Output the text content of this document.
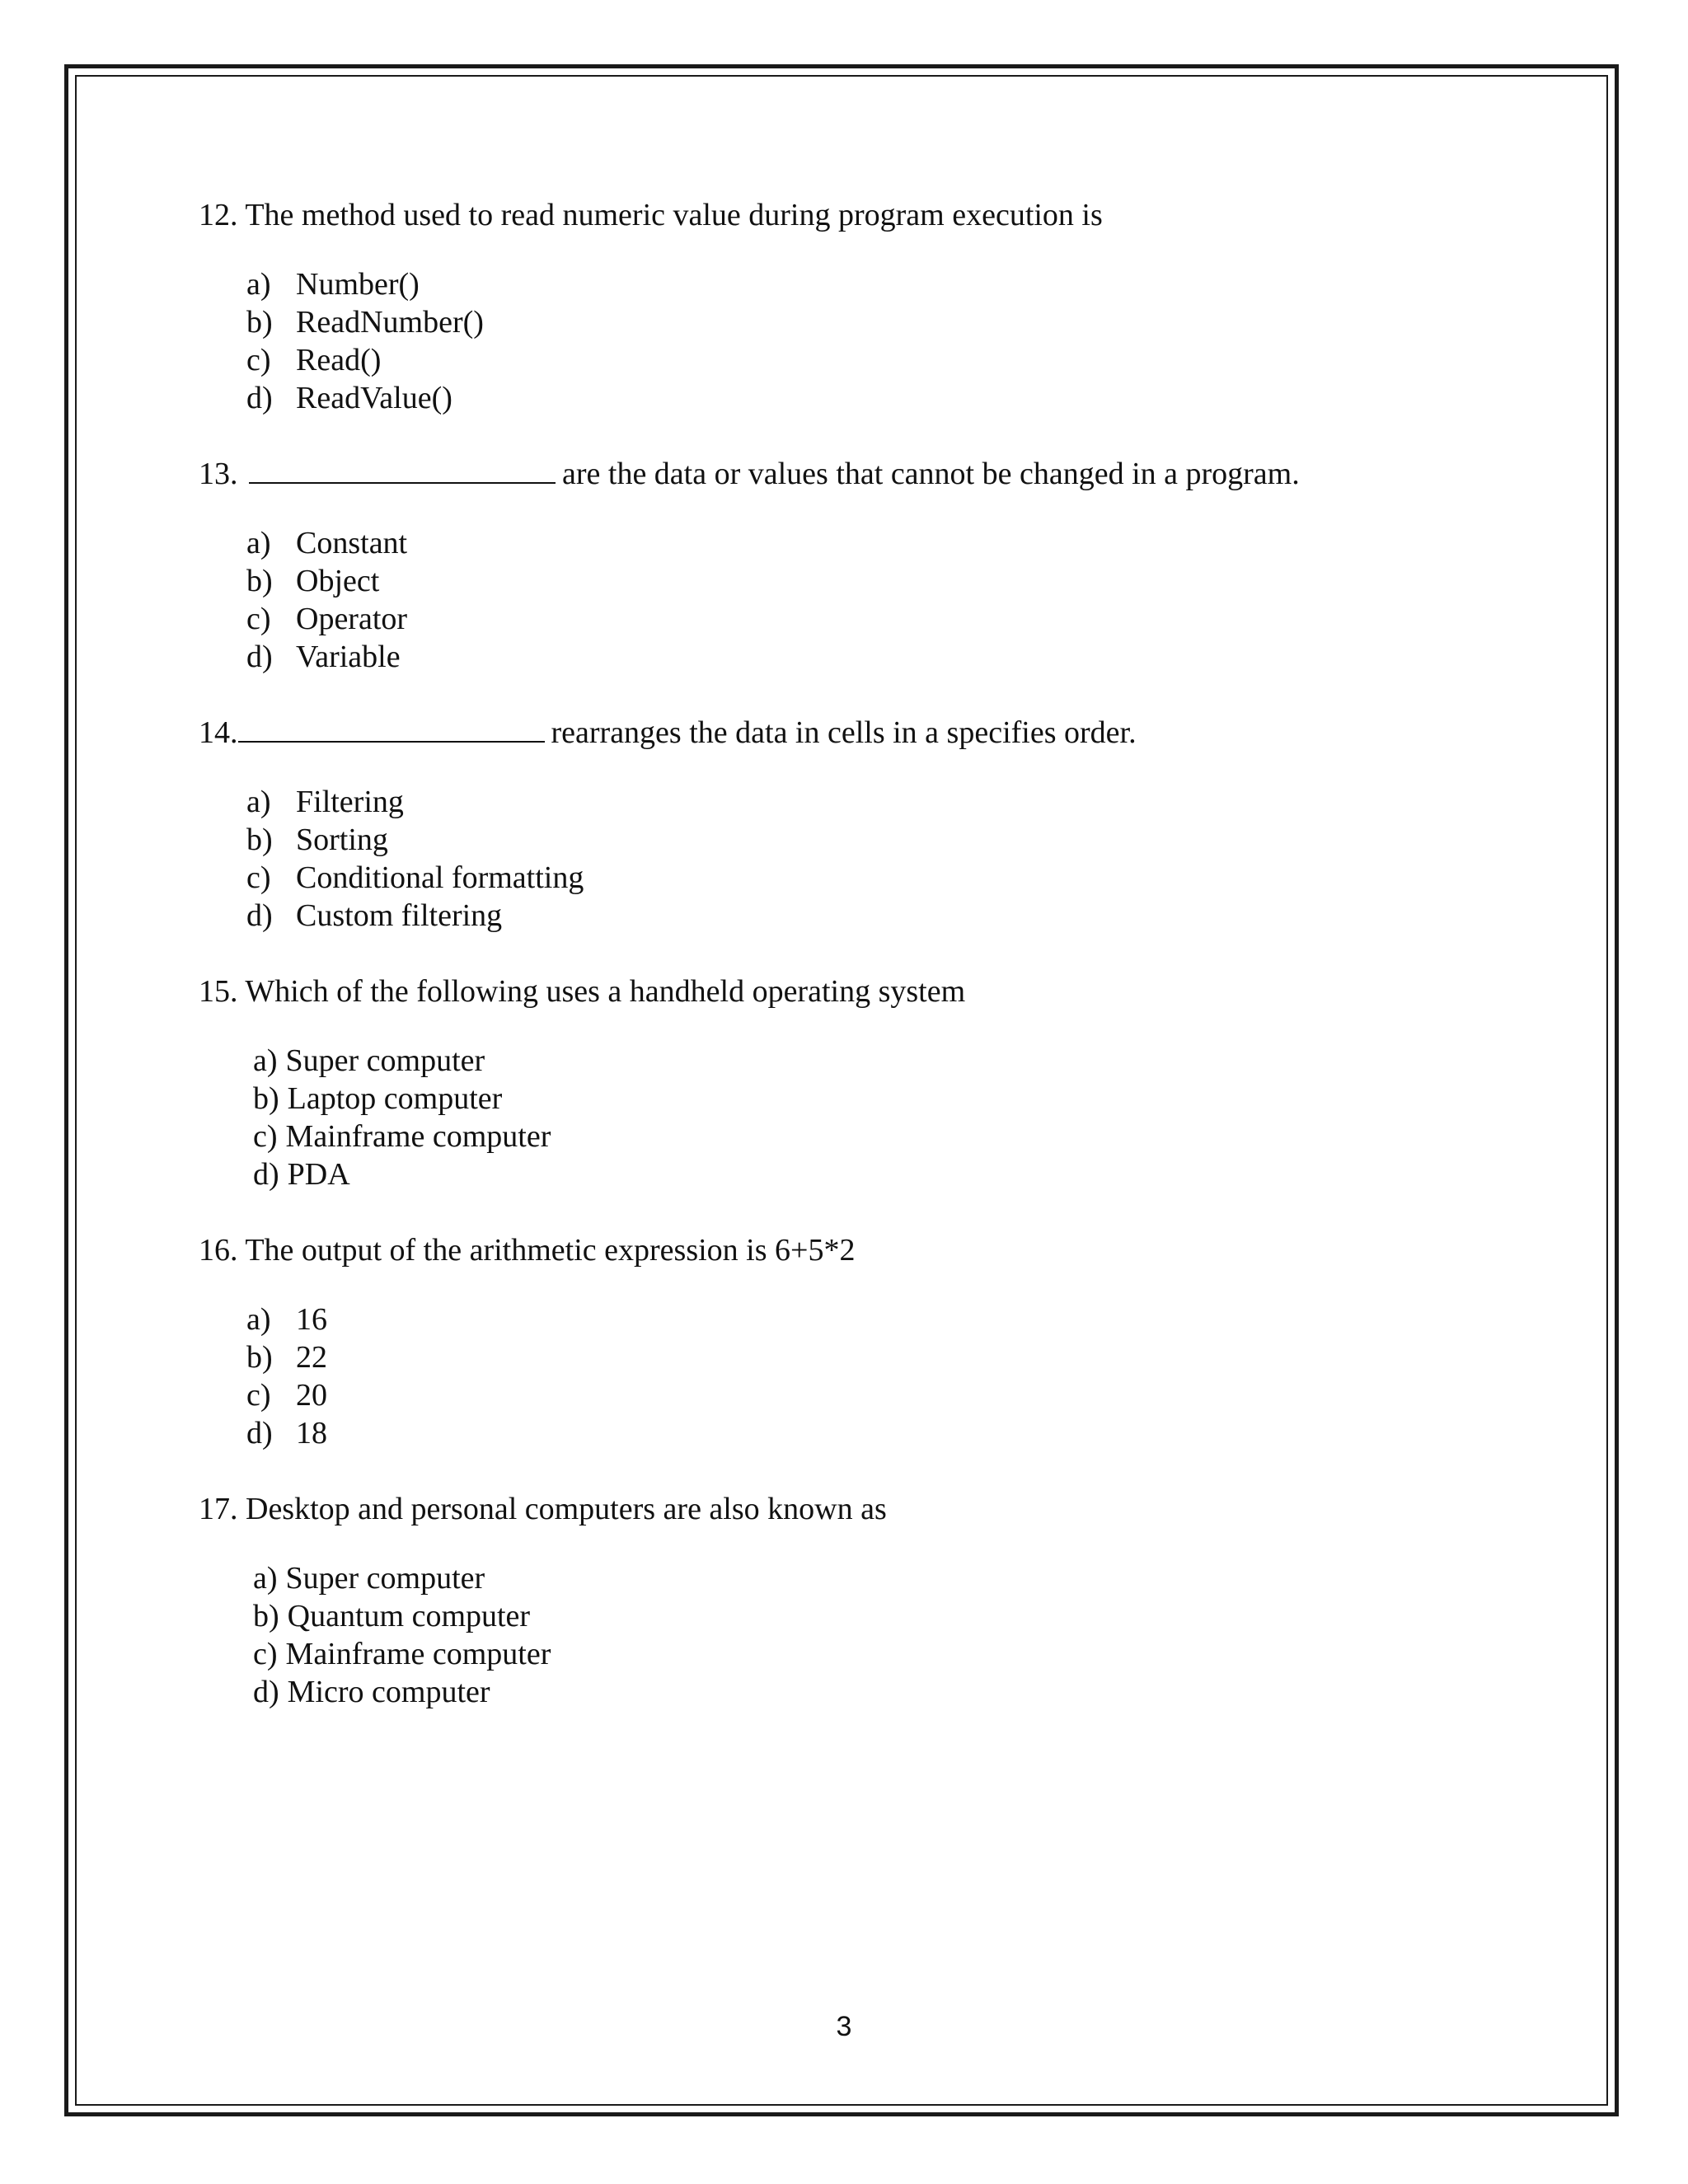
12. The method used to read numeric value during program execution is

a) Number()
b) ReadNumber()
c) Read()
d) ReadValue()

13.	are the data or values that cannot be changed in a program.

a) Constant
b) Object
c) Operator
d) Variable

14.	rearranges the data in cells in a specifies order.

a) Filtering
b) Sorting
c) Conditional formatting
d) Custom filtering

15. Which of the following uses a handheld operating system

a) Super computer
b) Laptop computer
c) Mainframe computer
d) PDA

16. The output of the arithmetic expression is 6+5*2

a) 16
b) 22
c) 20
d) 18

17. Desktop and personal computers are also known as

a) Super computer
b) Quantum computer
c) Mainframe computer
d) Micro computer
3
